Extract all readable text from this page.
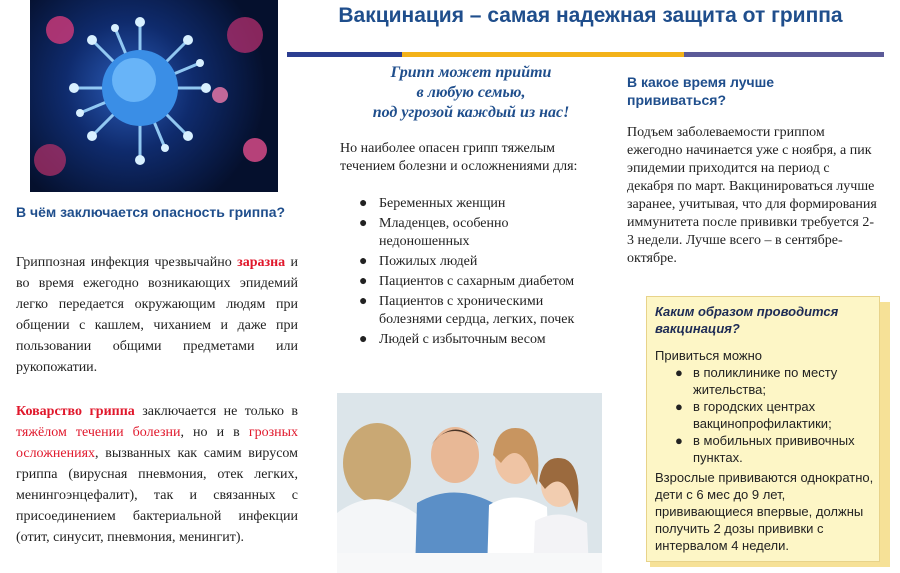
Вакцинация – самая надежная защита от гриппа
В чём заключается опасность гриппа?
Гриппозная инфекция чрезвычайно заразна и во время ежегодно возникающих эпидемий легко передается окружающим людям при общении с кашлем, чиханием и даже при пользовании общими предметами или рукопожатии.
Коварство гриппа заключается не только в тяжёлом течении болезни, но и в грозных осложнениях, вызванных как самим вирусом гриппа (вирусная пневмония, отек легких, менингоэнцефалит), так и связанных с присоединением бактериальной инфекции (отит, синусит, пневмония, менингит).
Грипп может прийти
в любую семью,
под угрозой каждый из нас!
Но наиболее опасен грипп тяжелым течением болезни и осложнениями для:
● Беременных женщин
● Младенцев, особенно недоношенных
● Пожилых людей
● Пациентов с сахарным диабетом
● Пациентов с хроническими болезнями сердца, легких, почек
● Людей с избыточным весом
В какое время лучше прививаться?
Подъем заболеваемости гриппом ежегодно начинается уже с ноября, а пик эпидемии приходится на период с декабря по март. Вакцинироваться лучше заранее, учитывая, что для формирования иммунитета после прививки требуется 2-3 недели. Лучше всего – в сентябре-октябре.
Каким образом проводится вакцинация?
Привиться можно
● в поликлинике по месту жительства;
● в городских центрах вакцинопрофилактики;
● в мобильных прививочных пунктах.
Взрослые прививаются однократно, дети с 6 мес до 9 лет, прививающиеся впервые, должны получить 2 дозы прививки с интервалом 4 недели.
